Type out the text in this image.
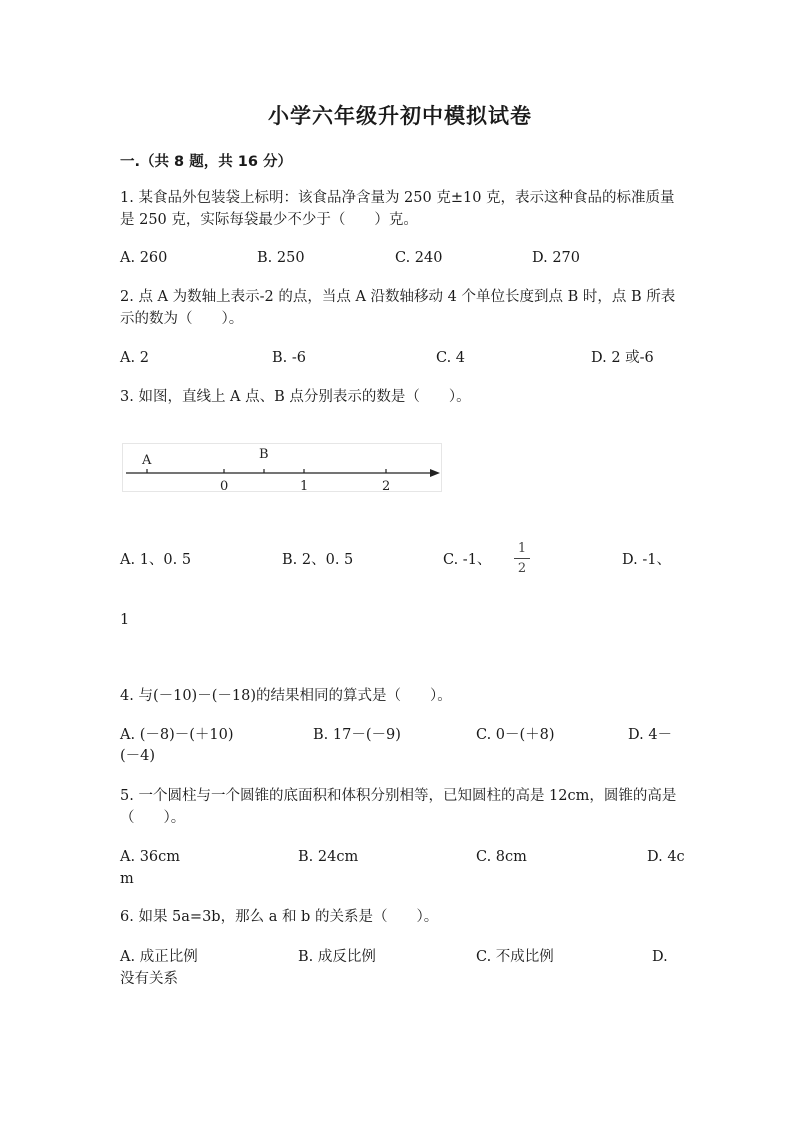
小学六年级升初中模拟试卷
一.（共 8 题，共 16 分）
1. 某食品外包装袋上标明：该食品净含量为 250 克±10 克，表示这种食品的标准质量是 250 克，实际每袋最少不少于（　　）克。
A. 260	B. 250	C. 240	D. 270
2. 点 A 为数轴上表示-2 的点，当点 A 沿数轴移动 4 个单位长度到点 B 时，点 B 所表示的数为（　　）。
A. 2	B. -6	C. 4	D. 2 或-6
3. 如图，直线上 A 点、B 点分别表示的数是（　　）。
A	B
0	1	2
A. 1、0. 5	B. 2、0. 5	C. -1、
1
2
D. -1、
1
4. 与(－10)－(－18)的结果相同的算式是（　　）。
A. (－8)－(＋10)	B. 17－(－9)	C. 0－(＋8)	D. 4－
(－4)
5. 一个圆柱与一个圆锥的底面积和体积分别相等，已知圆柱的高是 12cm，圆锥的高是（　　）。
A. 36cm	B. 24cm	C. 8cm	D. 4c
m
6. 如果 5a=3b，那么 a 和 b 的关系是（　　）。
A. 成正比例	B. 成反比例	C. 不成比例	D.
没有关系
